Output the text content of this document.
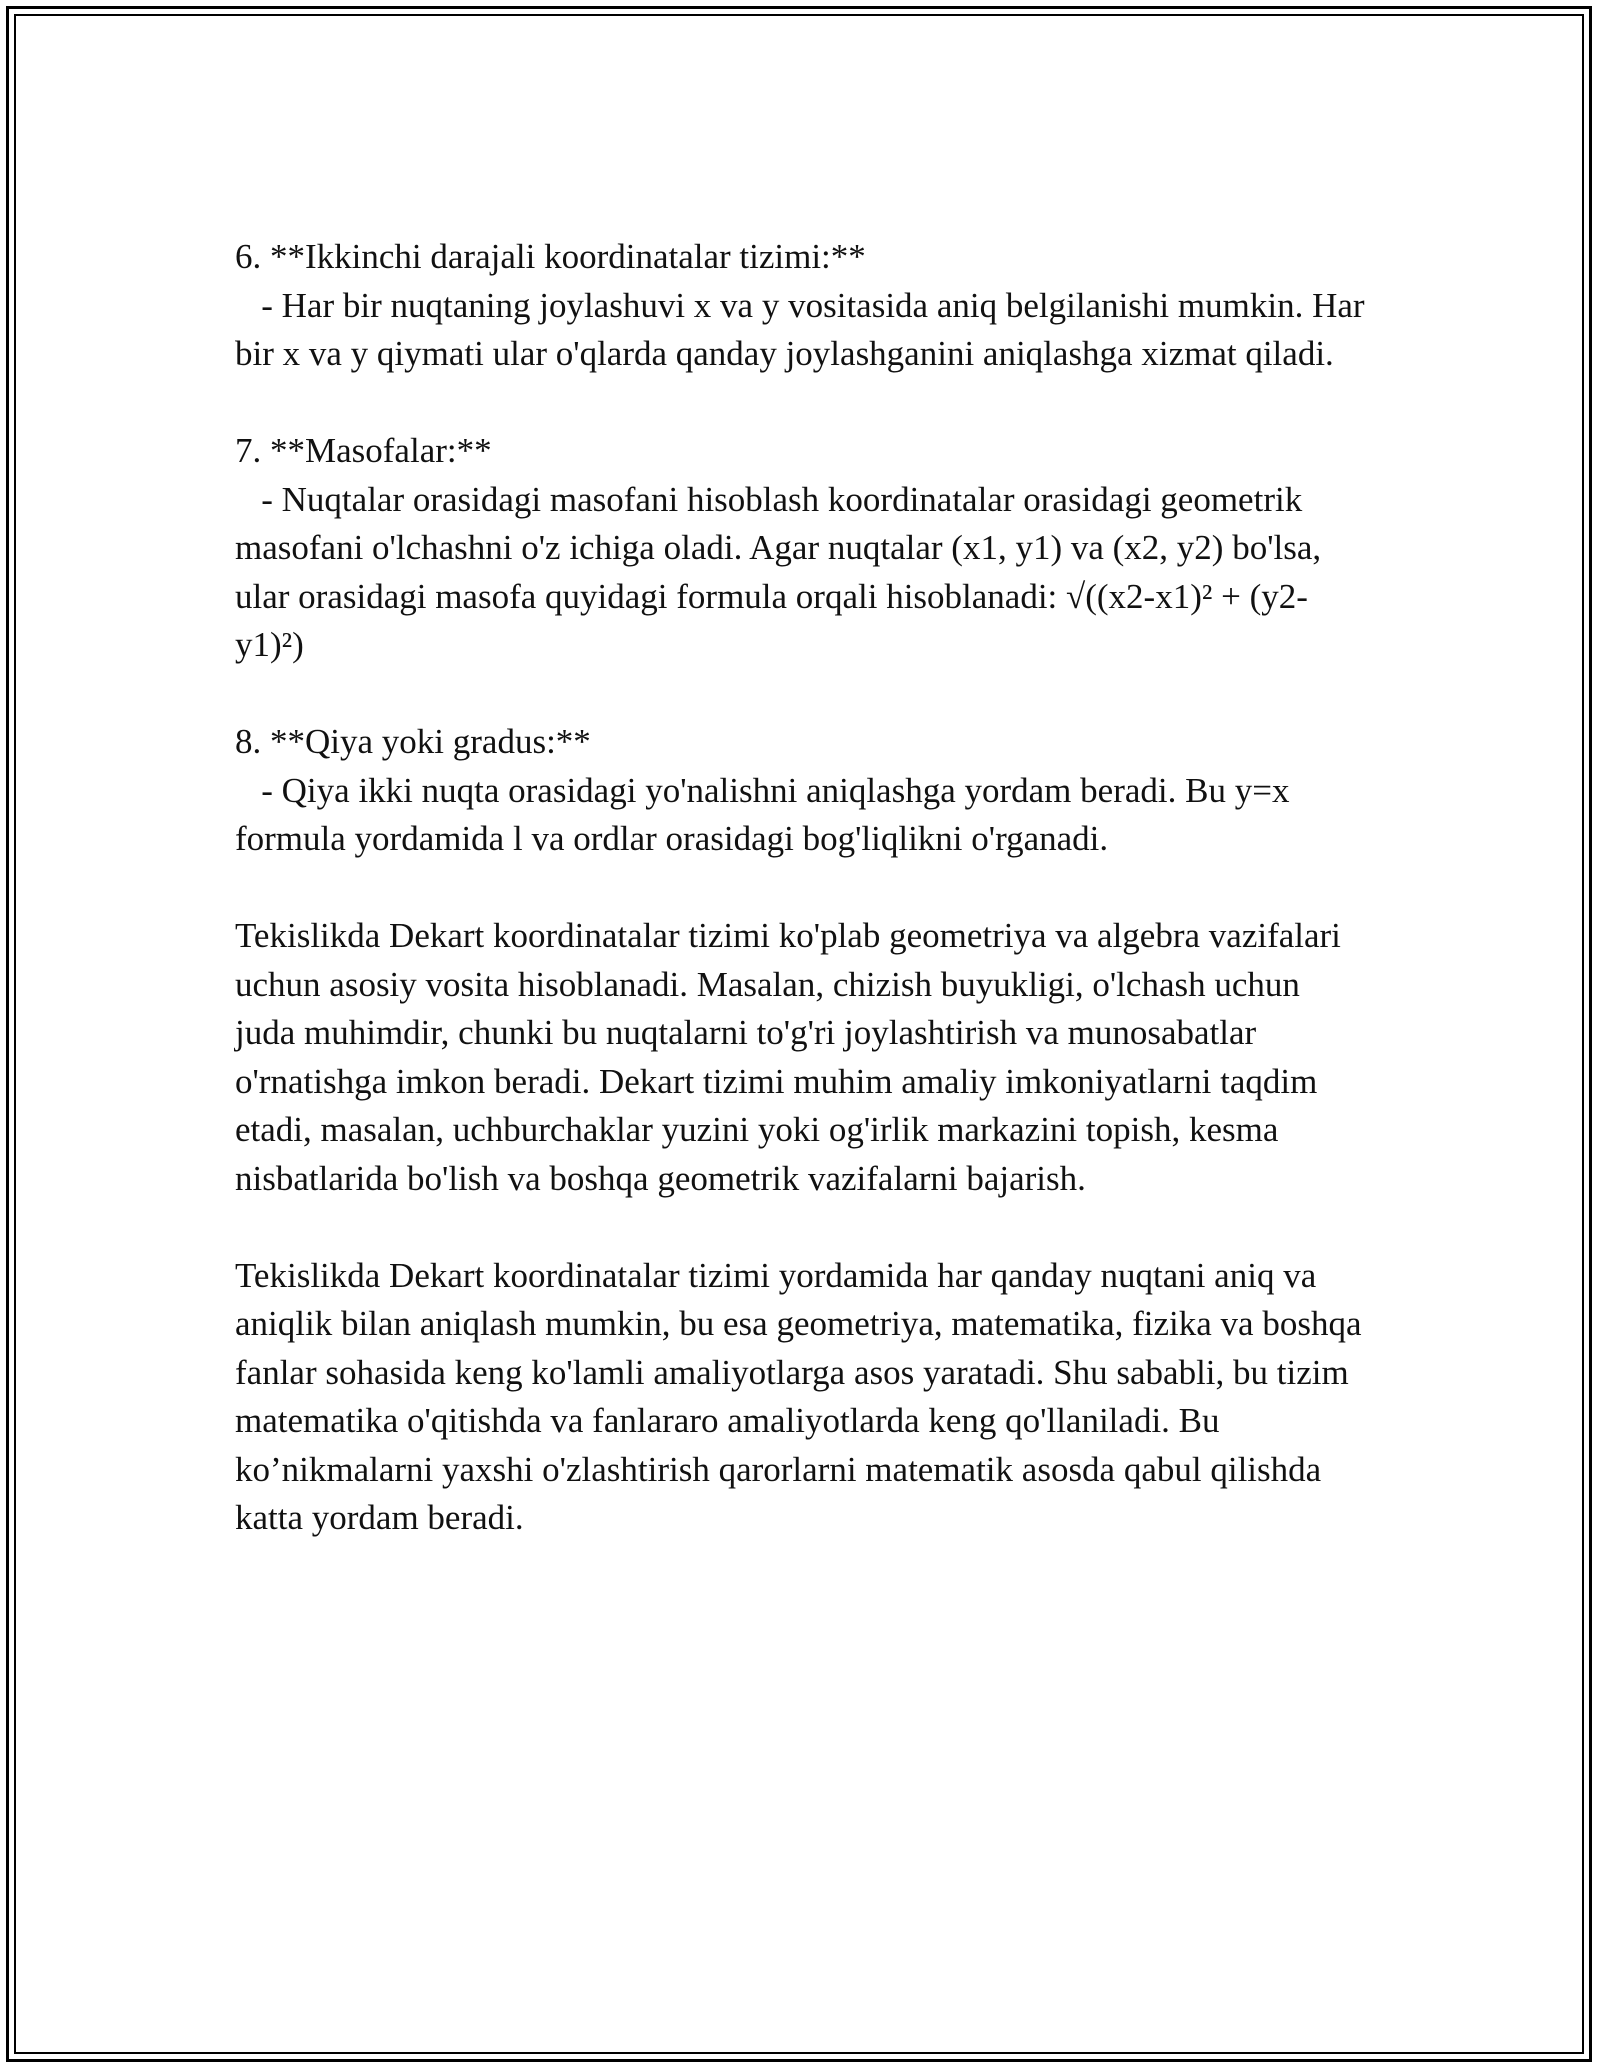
6. **Ikkinchi darajali koordinatalar tizimi:**

- Har bir nuqtaning joylashuvi x va y vositasida aniq belgilanishi mumkin. Har bir x va y qiymati ular o'qlarda qanday joylashganini aniqlashga xizmat qiladi.

7. **Masofalar:**

- Nuqtalar orasidagi masofani hisoblash koordinatalar orasidagi geometrik masofani o'lchashni o'z ichiga oladi. Agar nuqtalar (x1, y1) va (x2, y2) bo'lsa, ular orasidagi masofa quyidagi formula orqali hisoblanadi: √((x2-x1)² + (y2-y1)²)

8. **Qiya yoki gradus:**

- Qiya ikki nuqta orasidagi yo'nalishni aniqlashga yordam beradi. Bu y=x formula yordamida l va ordlar orasidagi bog'liqlikni o'rganadi.

Tekislikda Dekart koordinatalar tizimi ko'plab geometriya va algebra vazifalari uchun asosiy vosita hisoblanadi. Masalan, chizish buyukligi, o'lchash uchun juda muhimdir, chunki bu nuqtalarni to'g'ri joylashtirish va munosabatlar o'rnatishga imkon beradi. Dekart tizimi muhim amaliy imkoniyatlarni taqdim etadi, masalan, uchburchaklar yuzini yoki og'irlik markazini topish, kesma nisbatlarida bo'lish va boshqa geometrik vazifalarni bajarish.

Tekislikda Dekart koordinatalar tizimi yordamida har qanday nuqtani aniq va aniqlik bilan aniqlash mumkin, bu esa geometriya, matematika, fizika va boshqa fanlar sohasida keng ko'lamli amaliyotlarga asos yaratadi. Shu sababli, bu tizim matematika o'qitishda va fanlararo amaliyotlarda keng qo'llaniladi. Bu ko’nikmalarni yaxshi o'zlashtirish qarorlarni matematik asosda qabul qilishda katta yordam beradi.
